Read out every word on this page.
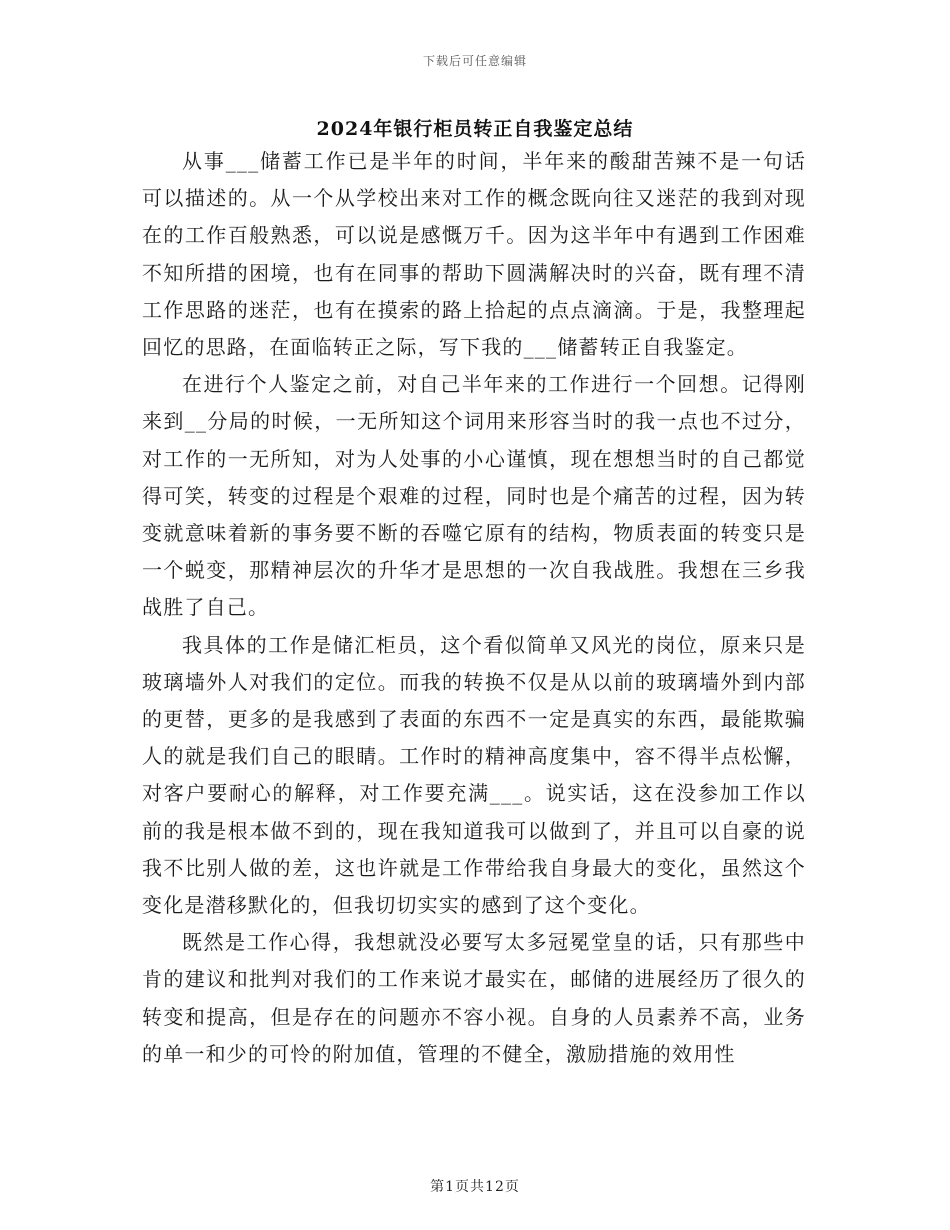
下载后可任意编辑
2024年银行柜员转正自我鉴定总结

从事___储蓄工作已是半年的时间，半年来的酸甜苦辣不是一句话可以描述的。从一个从学校出来对工作的概念既向往又迷茫的我到对现在的工作百般熟悉，可以说是感慨万千。因为这半年中有遇到工作困难不知所措的困境，也有在同事的帮助下圆满解决时的兴奋，既有理不清工作思路的迷茫，也有在摸索的路上拾起的点点滴滴。于是，我整理起回忆的思路，在面临转正之际，写下我的___储蓄转正自我鉴定。

在进行个人鉴定之前，对自己半年来的工作进行一个回想。记得刚来到__分局的时候，一无所知这个词用来形容当时的我一点也不过分，对工作的一无所知，对为人处事的小心谨慎，现在想想当时的自己都觉得可笑，转变的过程是个艰难的过程，同时也是个痛苦的过程，因为转变就意味着新的事务要不断的吞噬它原有的结构，物质表面的转变只是一个蜕变，那精神层次的升华才是思想的一次自我战胜。我想在三乡我战胜了自己。

我具体的工作是储汇柜员，这个看似简单又风光的岗位，原来只是玻璃墙外人对我们的定位。而我的转换不仅是从以前的玻璃墙外到内部的更替，更多的是我感到了表面的东西不一定是真实的东西，最能欺骗人的就是我们自己的眼睛。工作时的精神高度集中，容不得半点松懈，对客户要耐心的解释，对工作要充满___。说实话，这在没参加工作以前的我是根本做不到的，现在我知道我可以做到了，并且可以自豪的说我不比别人做的差，这也许就是工作带给我自身最大的变化，虽然这个变化是潜移默化的，但我切切实实的感到了这个变化。

既然是工作心得，我想就没必要写太多冠冕堂皇的话，只有那些中肯的建议和批判对我们的工作来说才最实在，邮储的进展经历了很久的转变和提高，但是存在的问题亦不容小视。自身的人员素养不高，业务的单一和少的可怜的附加值，管理的不健全，激励措施的效用性

第1页共12页
